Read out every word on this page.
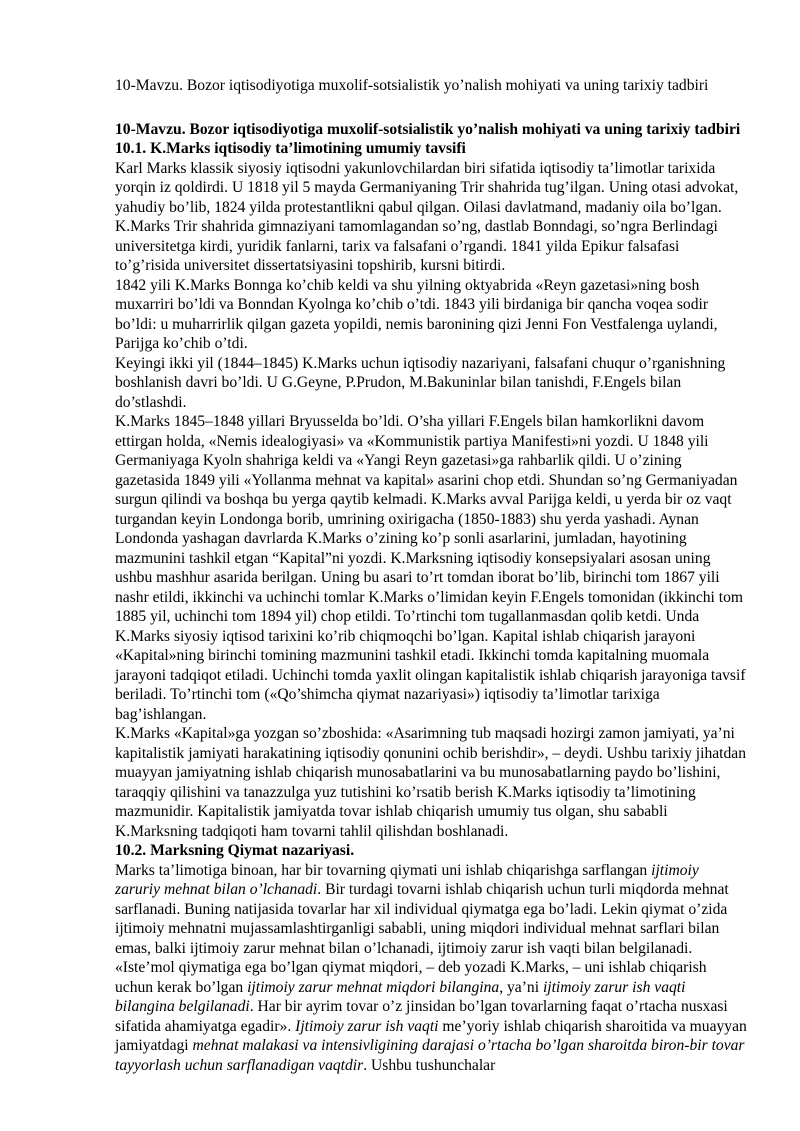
10-Mavzu. Bozor iqtisodiyotiga muxolif-sotsialistik yo’nalish mohiyati va uning tarixiy tadbiri

10-Mavzu. Bozor iqtisodiyotiga muxolif-sotsialistik yo’nalish mohiyati va uning tarixiy tadbiri

10.1. K.Marks iqtisodiy ta’limotining umumiy tavsifi

Karl Marks klassik siyosiy iqtisodni yakunlovchilardan biri sifatida iqtisodiy ta’limotlar tarixida yorqin iz qoldirdi. U 1818 yil 5 mayda Germaniyaning Trir shahrida tug’ilgan. Uning otasi advokat, yahudiy bo’lib, 1824 yilda protestantlikni qabul qilgan. Oilasi davlatmand, madaniy oila bo’lgan. K.Marks Trir shahrida gimnaziyani tamomlagandan so’ng, dastlab Bonndagi, so’ngra Berlindagi universitetga kirdi, yuridik fanlarni, tarix va falsafani o’rgandi. 1841 yilda Epikur falsafasi to’g’risida universitet dissertatsiyasini topshirib, kursni bitirdi.

1842 yili K.Marks Bonnga ko’chib keldi va shu yilning oktyabrida «Reyn gazetasi»ning bosh muxarriri bo’ldi va Bonndan Kyolnga ko’chib o’tdi. 1843 yili birdaniga bir qancha voqea sodir bo’ldi: u muharrirlik qilgan gazeta yopildi, nemis baronining qizi Jenni Fon Vestfalenga uylandi, Parijga ko’chib o’tdi.

Keyingi ikki yil (1844–1845) K.Marks uchun iqtisodiy nazariyani, falsafani chuqur o’rganishning boshlanish davri bo’ldi. U G.Geyne, P.Prudon, M.Bakuninlar bilan tanishdi, F.Engels bilan do’stlashdi.

K.Marks 1845–1848 yillari Bryusselda bo’ldi. O’sha yillari F.Engels bilan hamkorlikni davom ettirgan holda, «Nemis idealogiyasi» va «Kommunistik partiya Manifesti»ni yozdi. U 1848 yili Germaniyaga Kyoln shahriga keldi va «Yangi Reyn gazetasi»ga rahbarlik qildi. U o’zining gazetasida 1849 yili «Yollanma mehnat va kapital» asarini chop etdi. Shundan so’ng Germaniyadan surgun qilindi va boshqa bu yerga qaytib kelmadi. K.Marks avval Parijga keldi, u yerda bir oz vaqt turgandan keyin Londonga borib, umrining oxirigacha (1850-1883) shu yerda yashadi. Aynan Londonda yashagan davrlarda K.Marks o’zining ko’p sonli asarlarini, jumladan, hayotining mazmunini tashkil etgan “Kapital”ni yozdi. K.Marksning iqtisodiy konsepsiyalari asosan uning ushbu mashhur asarida berilgan. Uning bu asari to’rt tomdan iborat bo’lib, birinchi tom 1867 yili nashr etildi, ikkinchi va uchinchi tomlar K.Marks o’limidan keyin F.Engels tomonidan (ikkinchi tom 1885 yil, uchinchi tom 1894 yil) chop etildi. To’rtinchi tom tugallanmasdan qolib ketdi. Unda K.Marks siyosiy iqtisod tarixini ko’rib chiqmoqchi bo’lgan. Kapital ishlab chiqarish jarayoni «Kapital»ning birinchi tomining mazmunini tashkil etadi. Ikkinchi tomda kapitalning muomala jarayoni tadqiqot etiladi. Uchinchi tomda yaxlit olingan kapitalistik ishlab chiqarish jarayoniga tavsif beriladi. To’rtinchi tom («Qo’shimcha qiymat nazariyasi») iqtisodiy ta’limotlar tarixiga bag’ishlangan.

K.Marks «Kapital»ga yozgan so’zboshida: «Asarimning tub maqsadi hozirgi zamon jamiyati, ya’ni kapitalistik jamiyati harakatining iqtisodiy qonunini ochib berishdir», – deydi. Ushbu tarixiy jihatdan muayyan jamiyatning ishlab chiqarish munosabatlarini va bu munosabatlarning paydo bo’lishini, taraqqiy qilishini va tanazzulga yuz tutishini ko’rsatib berish K.Marks iqtisodiy ta’limotining mazmunidir. Kapitalistik jamiyatda tovar ishlab chiqarish umumiy tus olgan, shu sababli K.Marksning tadqiqoti ham tovarni tahlil qilishdan boshlanadi.

10.2. Marksning Qiymat nazariyasi.

Marks ta’limotiga binoan, har bir tovarning qiymati uni ishlab chiqarishga sarflangan ijtimoiy zaruriy mehnat bilan o’lchanadi. Bir turdagi tovarni ishlab chiqarish uchun turli miqdorda mehnat sarflanadi. Buning natijasida tovarlar har xil individual qiymatga ega bo’ladi. Lekin qiymat o’zida ijtimoiy mehnatni mujassamlashtirganligi sababli, uning miqdori individual mehnat sarflari bilan emas, balki ijtimoiy zarur mehnat bilan o’lchanadi, ijtimoiy zarur ish vaqti bilan belgilanadi. «Iste’mol qiymatiga ega bo’lgan qiymat miqdori, – deb yozadi K.Marks, – uni ishlab chiqarish uchun kerak bo’lgan ijtimoiy zarur mehnat miqdori bilangina, ya’ni ijtimoiy zarur ish vaqti bilangina belgilanadi. Har bir ayrim tovar o’z jinsidan bo’lgan tovarlarning faqat o’rtacha nusxasi sifatida ahamiyatga egadir». Ijtimoiy zarur ish vaqti me’yoriy ishlab chiqarish sharoitida va muayyan jamiyatdagi mehnat malakasi va intensivligining darajasi o’rtacha bo’lgan sharoitda biron-bir tovar tayyorlash uchun sarflanadigan vaqtdir. Ushbu tushunchalar
